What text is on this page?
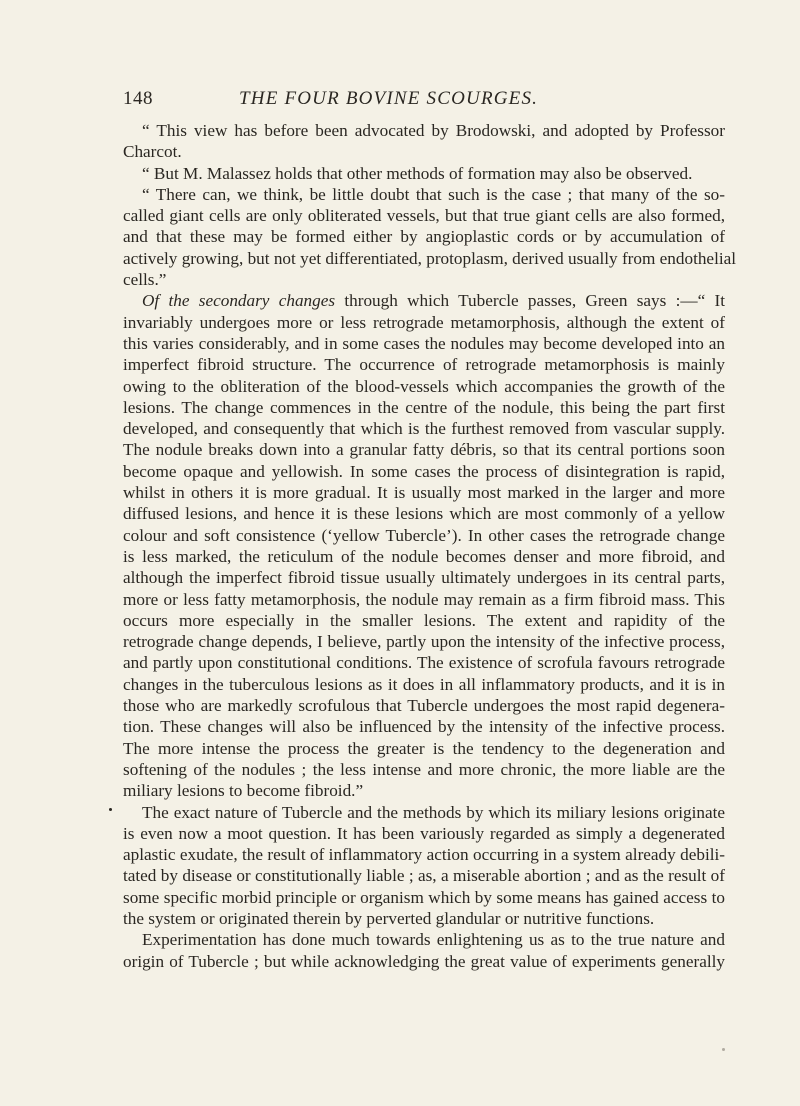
148	THE FOUR BOVINE SCOURGES.
“ This view has before been advocated by Brodowski, and adopted by Professor
Charcot.
“ But M. Malassez holds that other methods of formation may also be observed.
“ There can, we think, be little doubt that such is the case ; that many of the so-
called giant cells are only obliterated vessels, but that true giant cells are also formed,
and that these may be formed either by angioplastic cords or by accumulation of
actively growing, but not yet differentiated, protoplasm, derived usually from endothelial
cells.”
Of the secondary changes through which Tubercle passes, Green says :—“ It
invariably undergoes more or less retrograde metamorphosis, although the extent of
this varies considerably, and in some cases the nodules may become developed into an
imperfect fibroid structure. The occurrence of retrograde metamorphosis is mainly
owing to the obliteration of the blood-vessels which accompanies the growth of the
lesions. The change commences in the centre of the nodule, this being the part first
developed, and consequently that which is the furthest removed from vascular supply.
The nodule breaks down into a granular fatty débris, so that its central portions soon
become opaque and yellowish. In some cases the process of disintegration is rapid,
whilst in others it is more gradual. It is usually most marked in the larger and more
diffused lesions, and hence it is these lesions which are most commonly of a yellow
colour and soft consistence (‘yellow Tubercle’). In other cases the retrograde change
is less marked, the reticulum of the nodule becomes denser and more fibroid, and
although the imperfect fibroid tissue usually ultimately undergoes in its central parts,
more or less fatty metamorphosis, the nodule may remain as a firm fibroid mass. This
occurs more especially in the smaller lesions. The extent and rapidity of the
retrograde change depends, I believe, partly upon the intensity of the infective process,
and partly upon constitutional conditions. The existence of scrofula favours retrograde
changes in the tuberculous lesions as it does in all inflammatory products, and it is in
those who are markedly scrofulous that Tubercle undergoes the most rapid degenera-
tion. These changes will also be influenced by the intensity of the infective process.
The more intense the process the greater is the tendency to the degeneration and
softening of the nodules ; the less intense and more chronic, the more liable are the
miliary lesions to become fibroid.”
The exact nature of Tubercle and the methods by which its miliary lesions originate
is even now a moot question. It has been variously regarded as simply a degenerated
aplastic exudate, the result of inflammatory action occurring in a system already debili-
tated by disease or constitutionally liable ; as, a miserable abortion ; and as the result of
some specific morbid principle or organism which by some means has gained access to
the system or originated therein by perverted glandular or nutritive functions.
Experimentation has done much towards enlightening us as to the true nature and
origin of Tubercle ; but while acknowledging the great value of experiments generally
